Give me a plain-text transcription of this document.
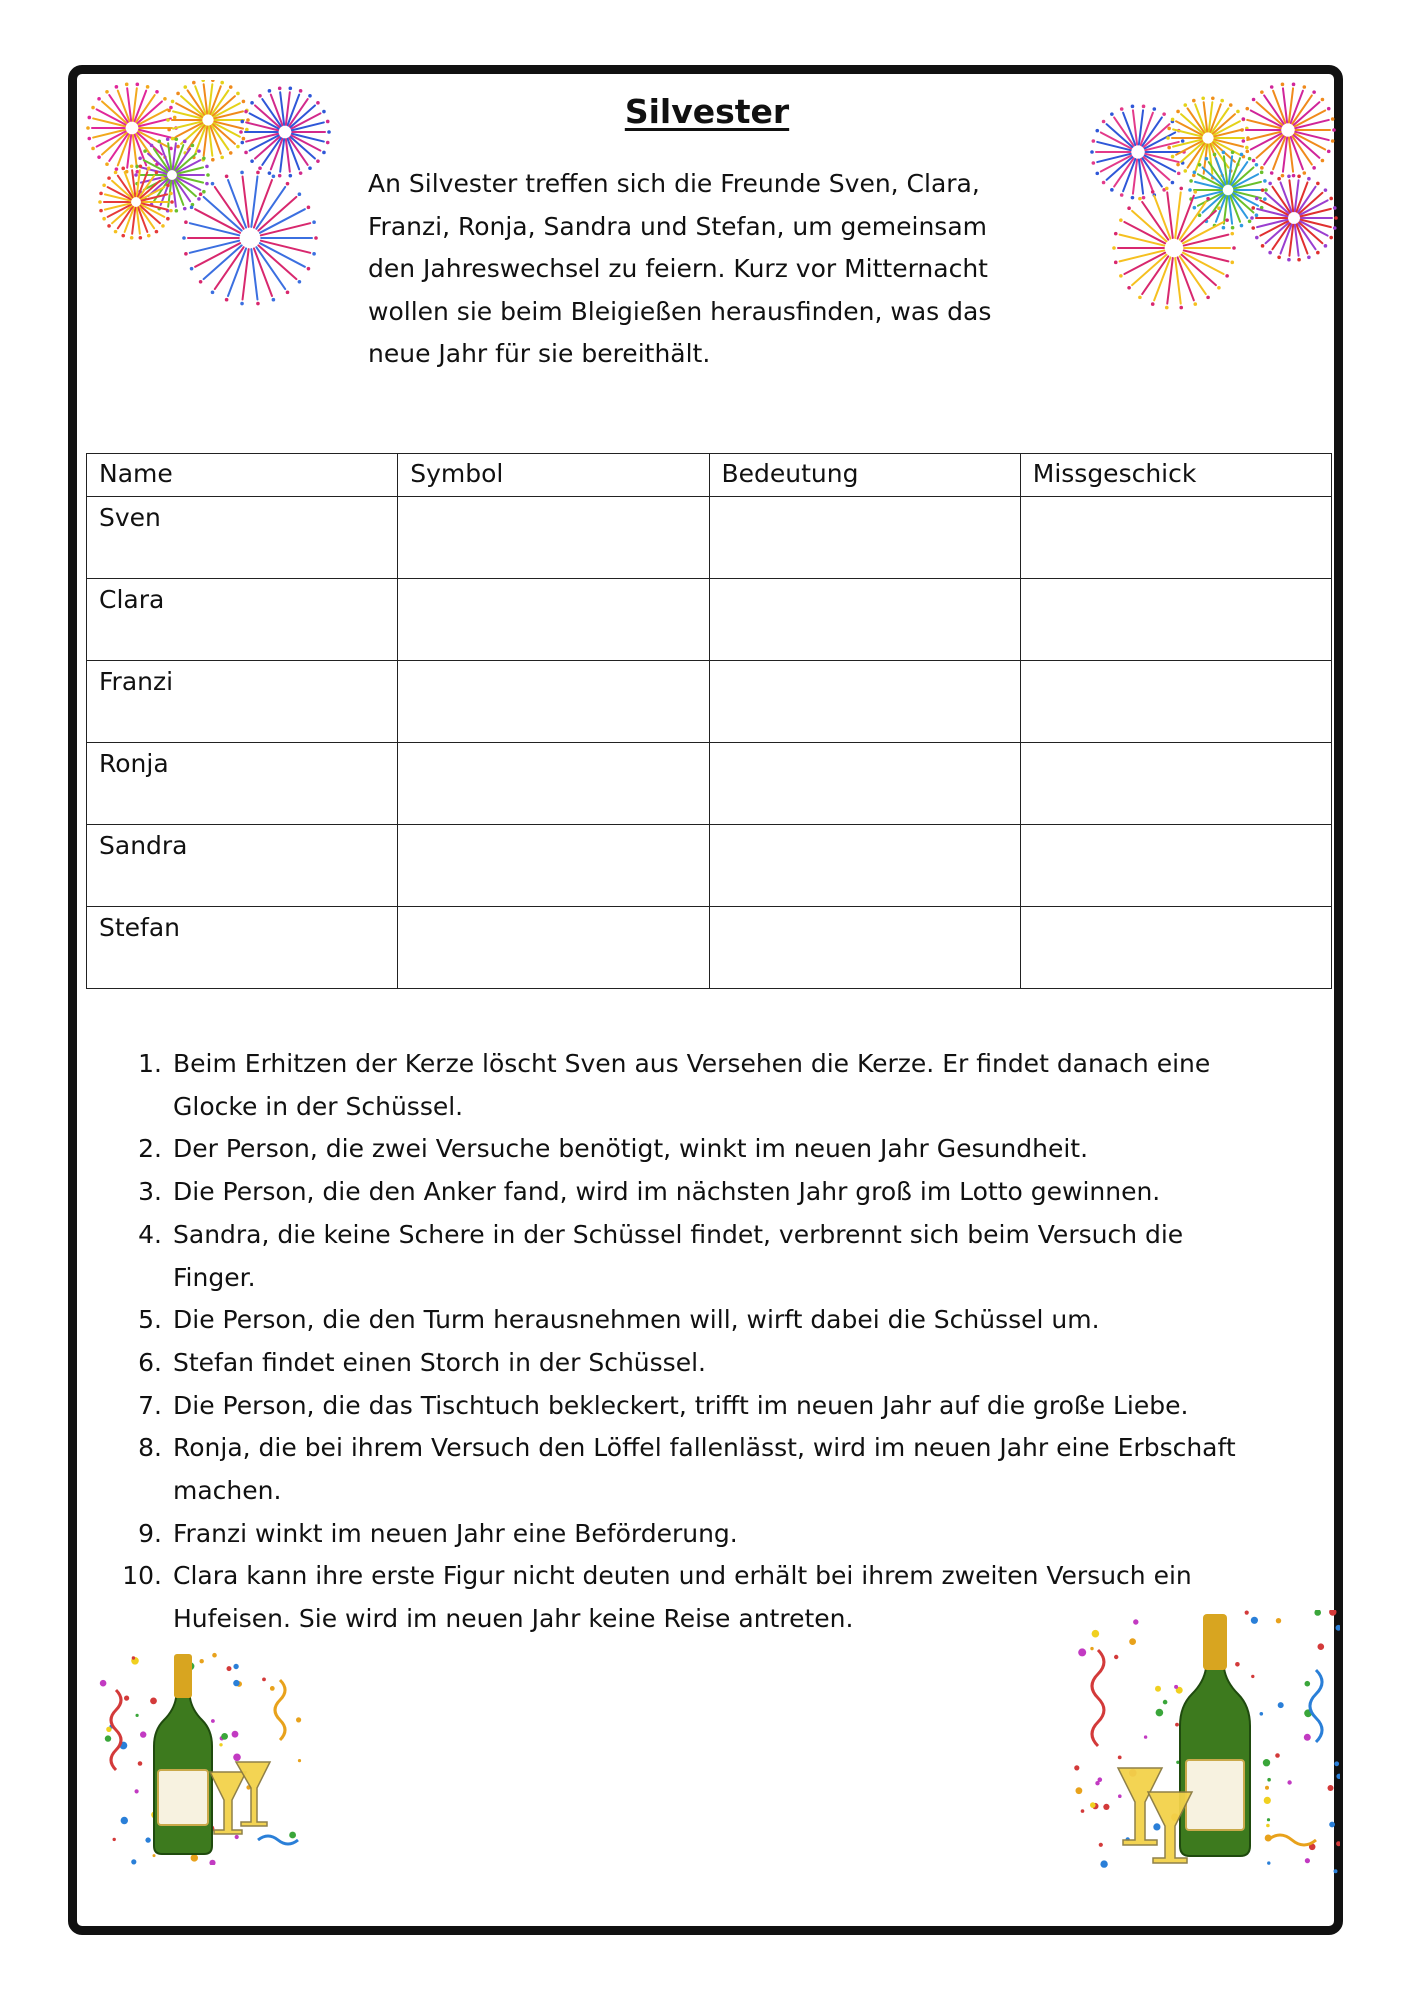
Silvester

An Silvester treffen sich die Freunde Sven, Clara,

Franzi, Ronja, Sandra und Stefan, um gemeinsam

den Jahreswechsel zu feiern. Kurz vor Mitternacht

wollen sie beim Bleigießen herausfinden, was das

neue Jahr für sie bereithält.

Name	Symbol	Bedeutung	Missgeschick
Sven			
Clara			
Franzi			
Ronja			
Sandra			
Stefan			
1. Beim Erhitzen der Kerze löscht Sven aus Versehen die Kerze. Er findet danach eine
Glocke in der Schüssel.
2. Der Person, die zwei Versuche benötigt, winkt im neuen Jahr Gesundheit.
3. Die Person, die den Anker fand, wird im nächsten Jahr groß im Lotto gewinnen.
4. Sandra, die keine Schere in der Schüssel findet, verbrennt sich beim Versuch die
Finger.
5. Die Person, die den Turm herausnehmen will, wirft dabei die Schüssel um.
6. Stefan findet einen Storch in der Schüssel.
7. Die Person, die das Tischtuch bekleckert, trifft im neuen Jahr auf die große Liebe.
8. Ronja, die bei ihrem Versuch den Löffel fallenlässt, wird im neuen Jahr eine Erbschaft
machen.
9. Franzi winkt im neuen Jahr eine Beförderung.
10. Clara kann ihre erste Figur nicht deuten und erhält bei ihrem zweiten Versuch ein
Hufeisen. Sie wird im neuen Jahr keine Reise antreten.
